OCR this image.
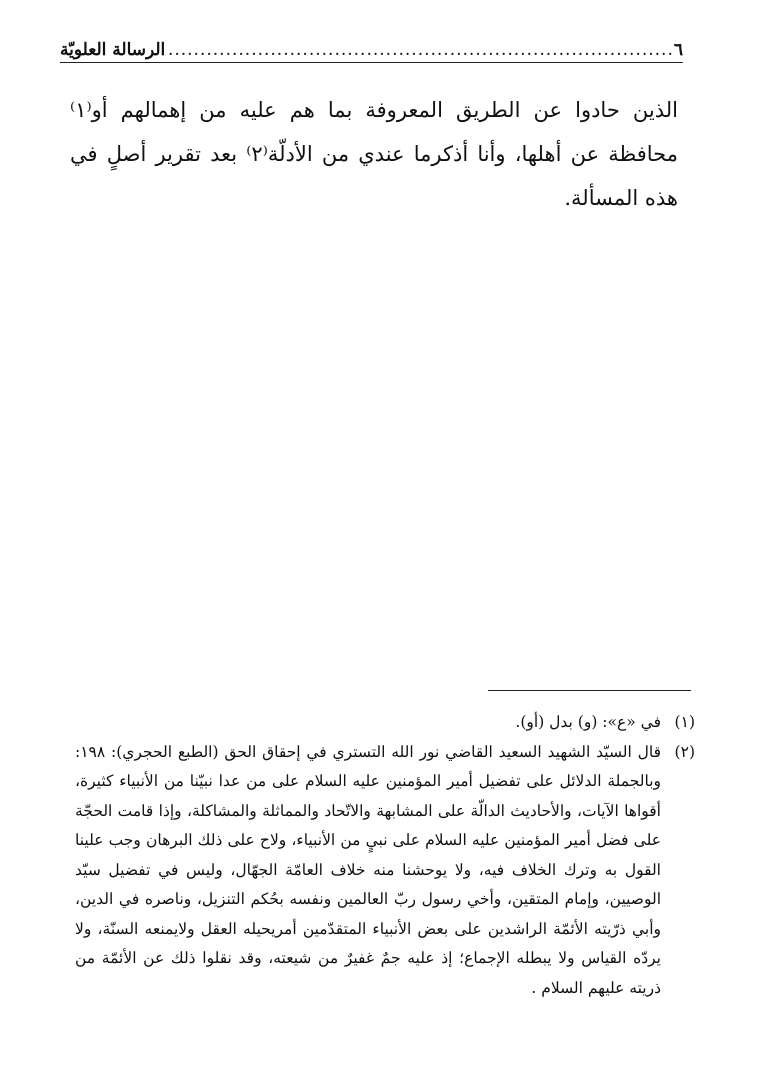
٦
.....
الرسالة العلويّة

الذين حادوا عن الطريق المعروفة بما هم عليه من إهمالهم أو⁽١⁾ محافظة عن أهلها، وأنا أذكرما عندي من الأدلّة⁽٢⁾ بعد تقرير أصلٍ في هذه المسألة.

(١)
في «ع»: (و) بدل (أو).
(٢)
قال السيّد الشهيد السعيد القاضي نور الله التستري في إحقاق الحق (الطبع الحجري): ١٩٨: وبالجملة الدلائل على تفضيل أمير المؤمنين عليه السلام على من عدا نبيّنا من الأنبياء كثيرة، أقواها الآيات، والأحاديث الدالّة على المشابهة والاتّحاد والمماثلة والمشاكلة، وإذا قامت الحجّة على فضل أمير المؤمنين عليه السلام على نبيٍ من الأنبياء، ولاح على ذلك البرهان وجب علينا القول به وترك الخلاف فيه، ولا يوحشنا منه خلاف العامّة الجهّال، وليس في تفضيل سيّد الوصيين، وإمام المتقين، وأخي رسول ربّ العالمين ونفسه بحُكم التنزيل، وناصره في الدين، وأبي ذرّيته الأئمّة الراشدين على بعض الأنبياء المتقدّمين أمريحيله العقل ولايمنعه السنّة، ولا يردّه القياس ولا يبطله الإجماع؛ إذ عليه جمٌ غفيرٌ من شيعته، وقد نقلوا ذلك عن الأئمّة من ذريته عليهم السلام .
